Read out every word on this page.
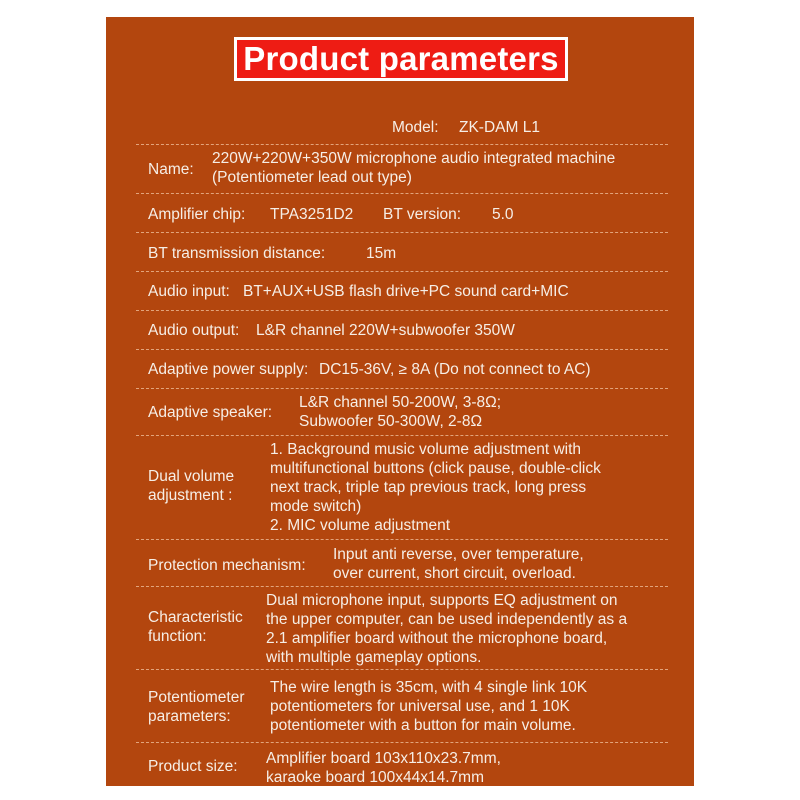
Product parameters
Model: ZK-DAM L1
Name:
220W+220W+350W microphone audio integrated machine
(Potentiometer lead out type)
Amplifier chip: TPA3251D2 BT version: 5.0
BT transmission distance:	15m
Audio input: BT+AUX+USB flash drive+PC sound card+MIC
Audio output: L&R channel 220W+subwoofer 350W
Adaptive power supply: DC15-36V, ≥ 8A (Do not connect to AC)
Adaptive speaker:
L&R channel 50-200W, 3-8Ω;
Subwoofer 50-300W, 2-8Ω
Dual volume
adjustment :
1. Background music volume adjustment with
multifunctional buttons (click pause, double-click
next track, triple tap previous track, long press
mode switch)
2. MIC volume adjustment
Protection mechanism:
Input anti reverse, over temperature,
over current, short circuit, overload.
Characteristic
function:
Dual microphone input, supports EQ adjustment on
the upper computer, can be used independently as a
2.1 amplifier board without the microphone board,
with multiple gameplay options.
Potentiometer
parameters:
The wire length is 35cm, with 4 single link 10K
potentiometers for universal use, and 1 10K
potentiometer with a button for main volume.
Product size: Amplifier board 103x110x23.7mm,
karaoke board 100x44x14.7mm
